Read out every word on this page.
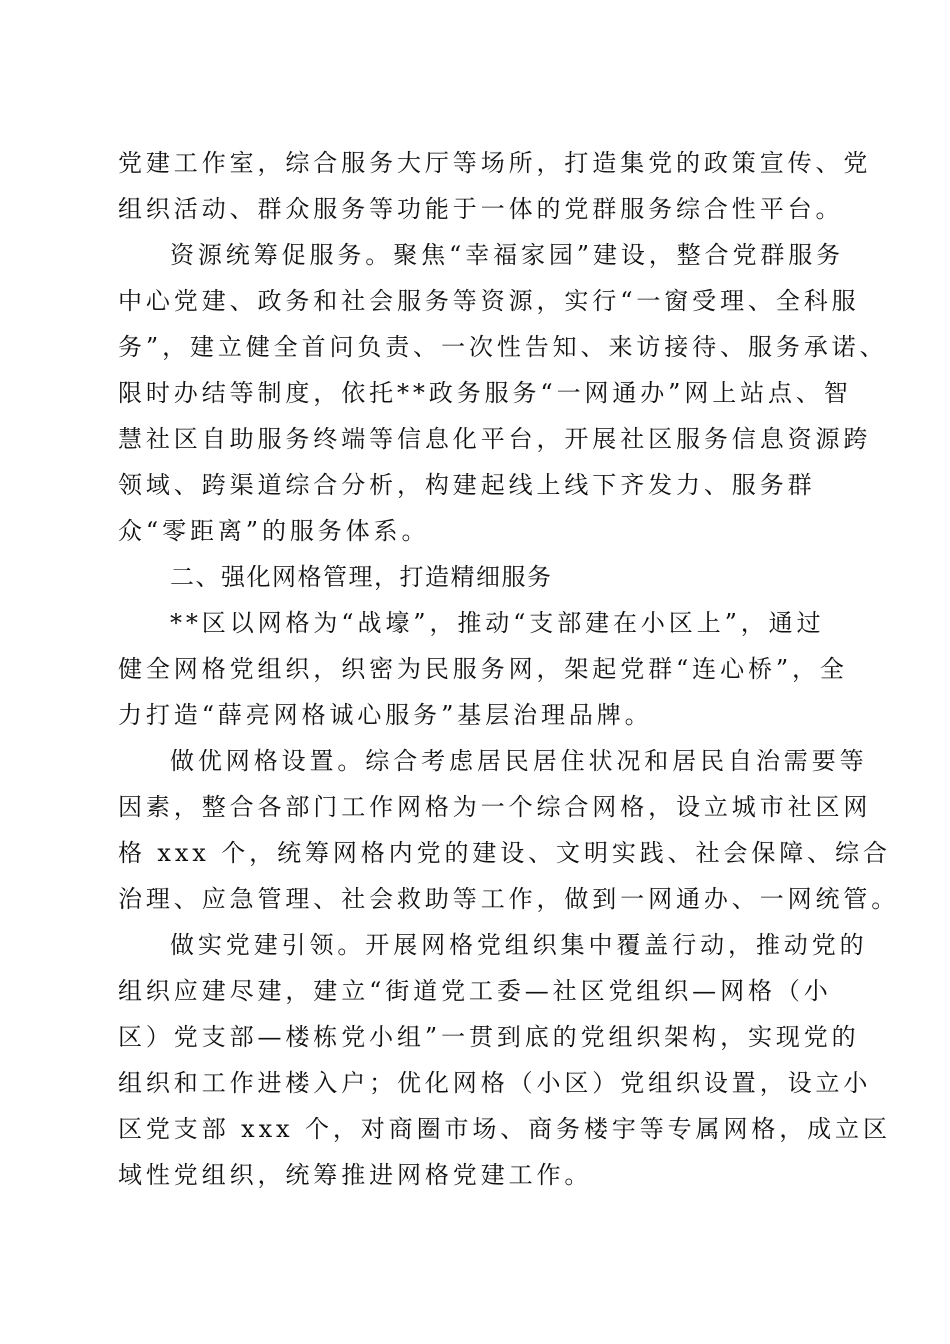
党建工作室，综合服务大厅等场所，打造集党的政策宣传、党
组织活动、群众服务等功能于一体的党群服务综合性平台。
资源统筹促服务。聚焦“幸福家园”建设，整合党群服务
中心党建、政务和社会服务等资源，实行“一窗受理、全科服
务”，建立健全首问负责、一次性告知、来访接待、服务承诺、
限时办结等制度，依托**政务服务“一网通办”网上站点、智
慧社区自助服务终端等信息化平台，开展社区服务信息资源跨
领域、跨渠道综合分析，构建起线上线下齐发力、服务群
众“零距离”的服务体系。
二、强化网格管理，打造精细服务
**区以网格为“战壕”，推动“支部建在小区上”，通过
健全网格党组织，织密为民服务网，架起党群“连心桥”，全
力打造“薛亮网格诚心服务”基层治理品牌。
做优网格设置。综合考虑居民居住状况和居民自治需要等
因素，整合各部门工作网格为一个综合网格，设立城市社区网
格 xxx 个，统筹网格内党的建设、文明实践、社会保障、综合
治理、应急管理、社会救助等工作，做到一网通办、一网统管。
做实党建引领。开展网格党组织集中覆盖行动，推动党的
组织应建尽建，建立“街道党工委—社区党组织—网格（小
区）党支部—楼栋党小组”一贯到底的党组织架构，实现党的
组织和工作进楼入户；优化网格（小区）党组织设置，设立小
区党支部 xxx 个，对商圈市场、商务楼宇等专属网格，成立区
域性党组织，统筹推进网格党建工作。
